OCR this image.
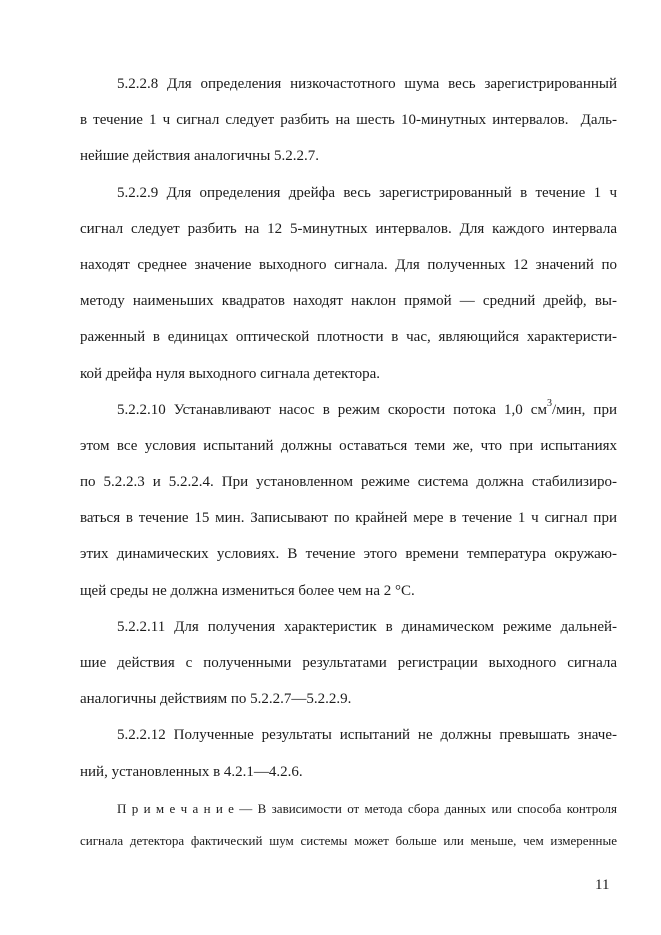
5.2.2.8 Для определения низкочастотного шума весь зарегистрированный
в течение 1 ч сигнал следует разбить на шесть 10-минутных интервалов.  Даль-
нейшие действия аналогичны 5.2.2.7.

5.2.2.9 Для определения дрейфа весь зарегистрированный в течение 1 ч
сигнал следует разбить на 12 5-минутных интервалов. Для каждого интервала
находят среднее значение выходного сигнала. Для полученных 12 значений по
методу наименьших квадратов находят наклон прямой — средний дрейф, вы-
раженный в единицах оптической плотности в час, являющийся характеристи-
кой дрейфа нуля выходного сигнала детектора.

5.2.2.10 Устанавливают насос в режим скорости потока 1,0 $см^3$/мин, при
этом все условия испытаний должны оставаться теми же, что при испытаниях
по 5.2.2.3 и 5.2.2.4. При установленном режиме система должна стабилизиро-
ваться в течение 15 мин. Записывают по крайней мере в течение 1 ч сигнал при
этих динамических условиях. В течение этого времени температура окружаю-
щей среды не должна измениться более чем на 2 °С.

5.2.2.11 Для получения характеристик в динамическом режиме дальней-
шие действия с полученными результатами регистрации выходного сигнала
аналогичны действиям по 5.2.2.7—5.2.2.9.

5.2.2.12 Полученные результаты испытаний не должны превышать значе-
ний, установленных в 4.2.1—4.2.6.

П р и м е ч а н и е — В зависимости от метода сбора данных или способа контроля
сигнала детектора фактический шум системы может больше или меньше, чем измеренные
11
